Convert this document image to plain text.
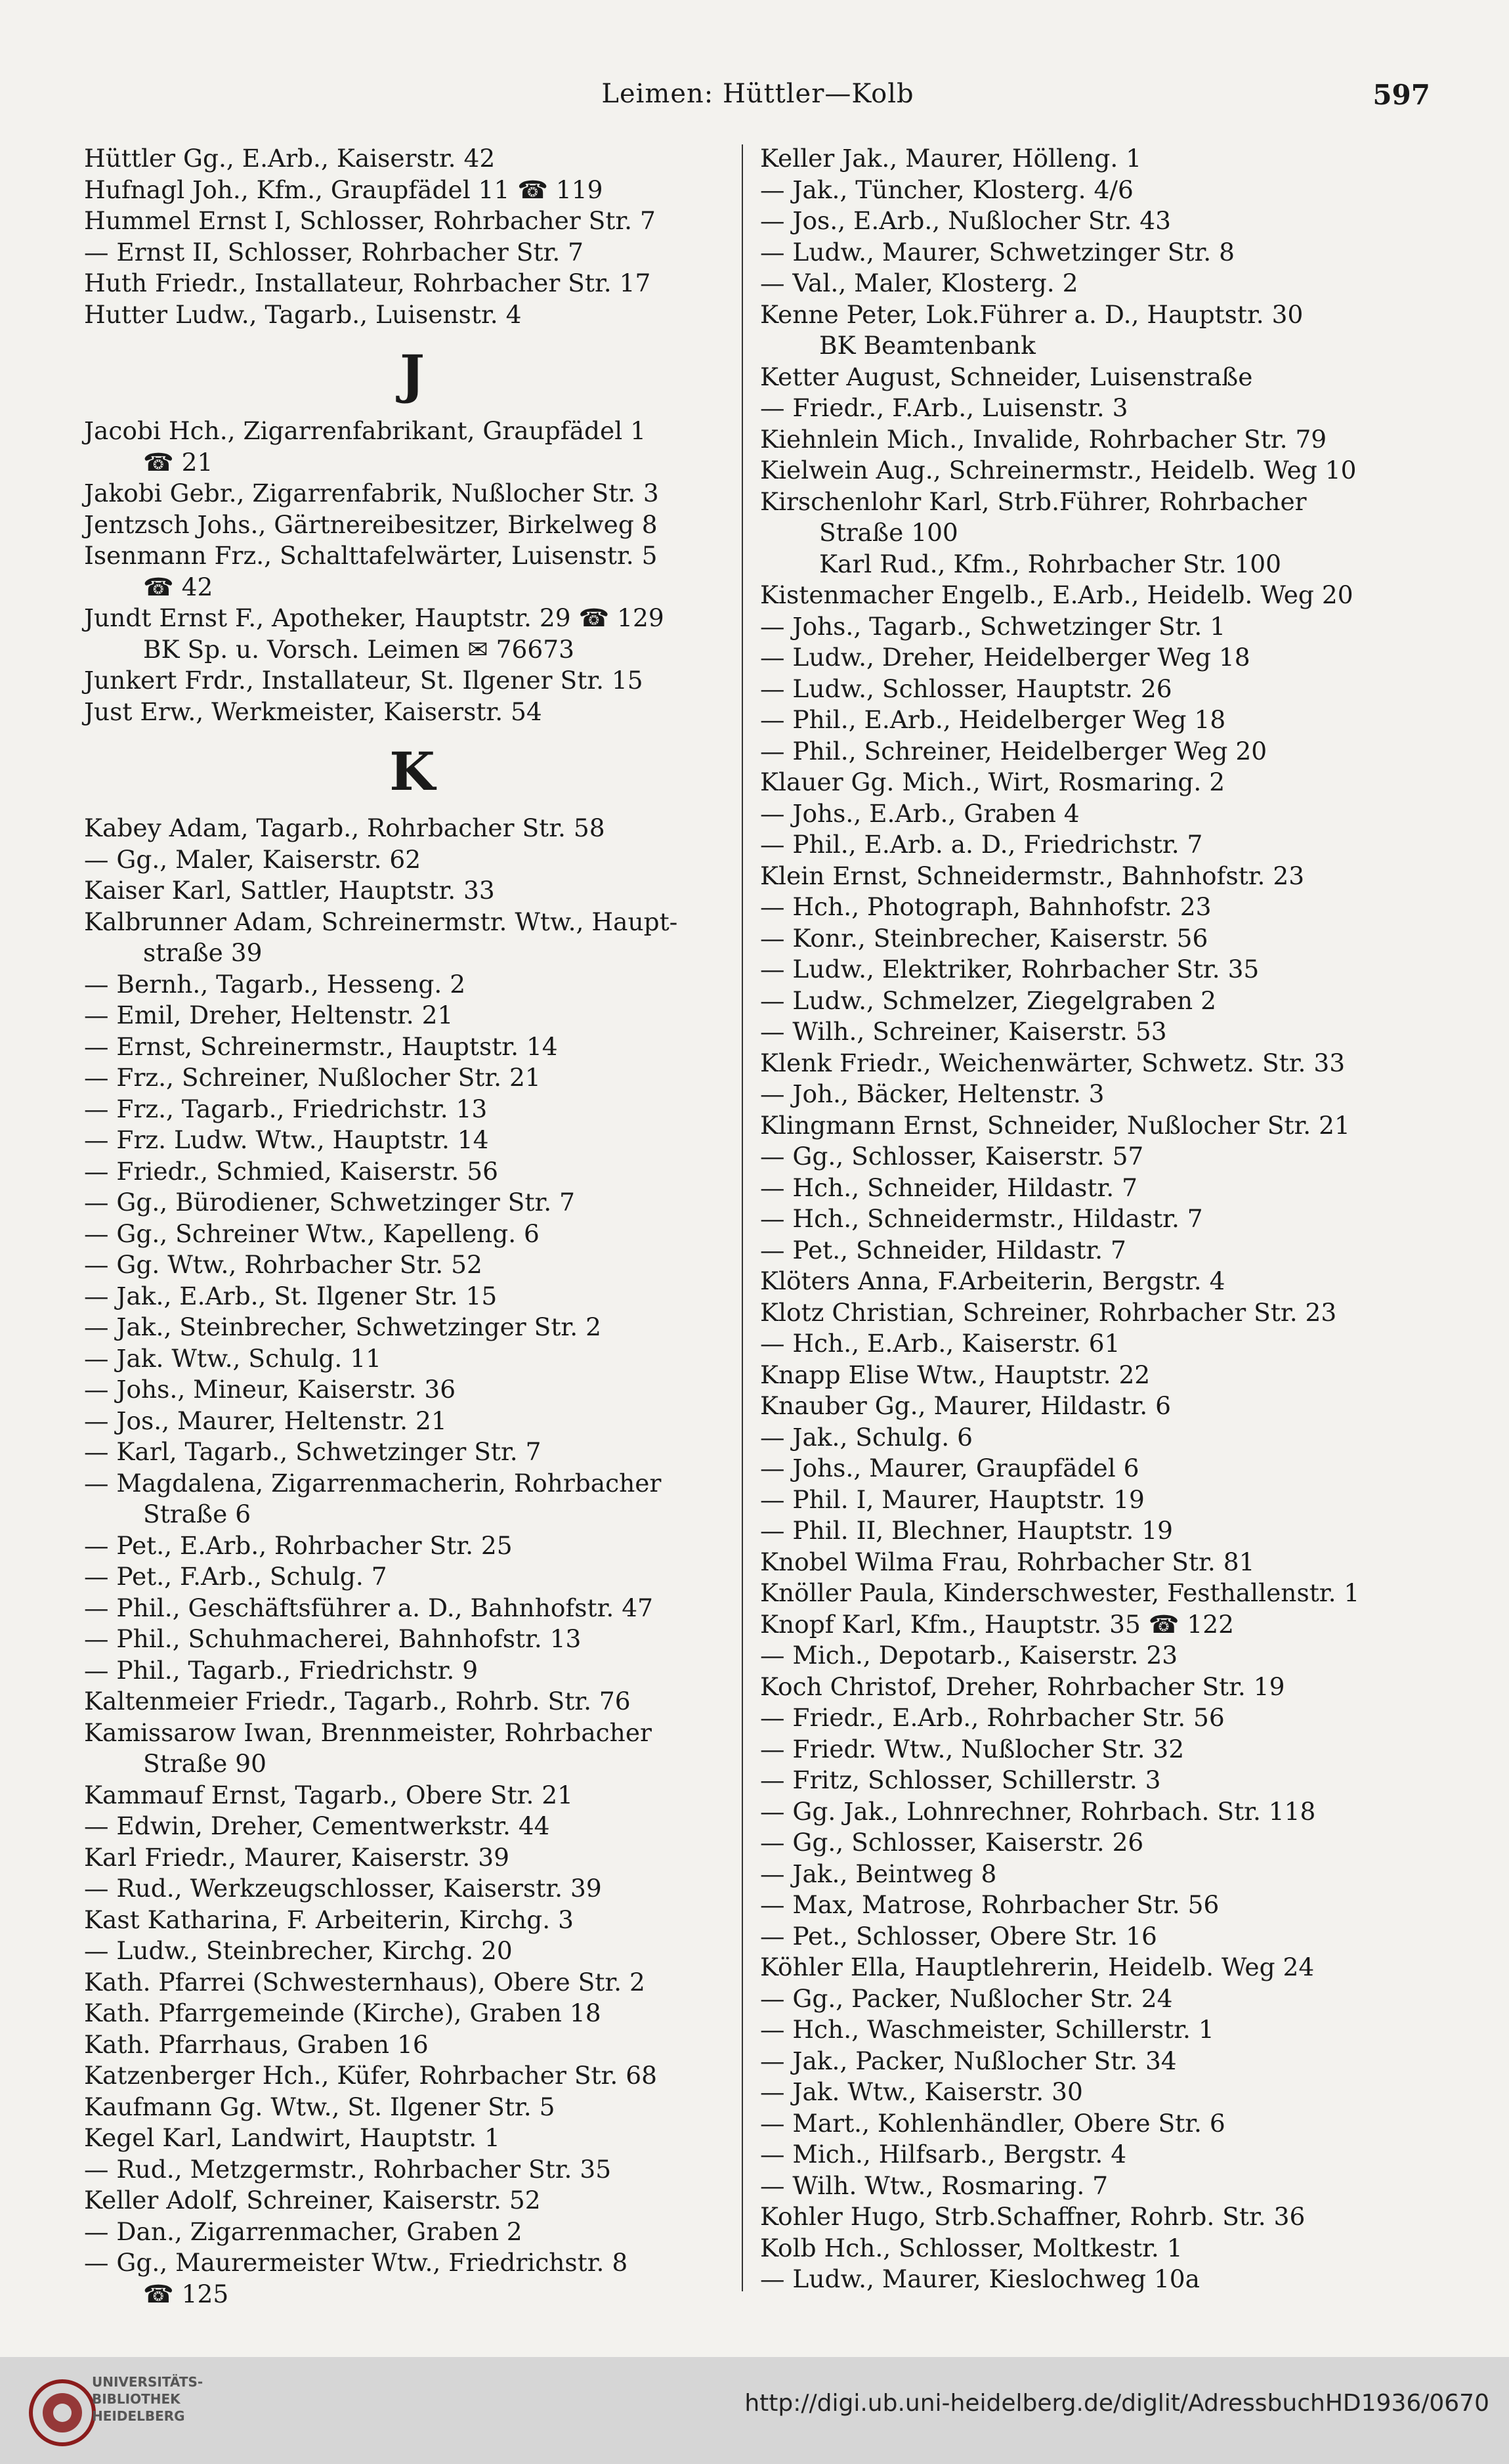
Leimen: Hüttler—Kolb	597
Hüttler Gg., E.Arb., Kaiserstr. 42
Hufnagl Joh., Kfm., Graupfädel 11 ☎ 119
Hummel Ernst I, Schlosser, Rohrbacher Str. 7
— Ernst II, Schlosser, Rohrbacher Str. 7
Huth Friedr., Installateur, Rohrbacher Str. 17
Hutter Ludw., Tagarb., Luisenstr. 4
J
Jacobi Hch., Zigarrenfabrikant, Graupfädel 1
☎ 21
Jakobi Gebr., Zigarrenfabrik, Nußlocher Str. 3
Jentzsch Johs., Gärtnereibesitzer, Birkelweg 8
Isenmann Frz., Schalttafelwärter, Luisenstr. 5
☎ 42
Jundt Ernst F., Apotheker, Hauptstr. 29 ☎ 129
BK Sp. u. Vorsch. Leimen ✉ 76673
Junkert Frdr., Installateur, St. Ilgener Str. 15
Just Erw., Werkmeister, Kaiserstr. 54
K
Kabey Adam, Tagarb., Rohrbacher Str. 58
— Gg., Maler, Kaiserstr. 62
Kaiser Karl, Sattler, Hauptstr. 33
Kalbrunner Adam, Schreinermstr. Wtw., Haupt-
straße 39
— Bernh., Tagarb., Hesseng. 2
— Emil, Dreher, Heltenstr. 21
— Ernst, Schreinermstr., Hauptstr. 14
— Frz., Schreiner, Nußlocher Str. 21
— Frz., Tagarb., Friedrichstr. 13
— Frz. Ludw. Wtw., Hauptstr. 14
— Friedr., Schmied, Kaiserstr. 56
— Gg., Bürodiener, Schwetzinger Str. 7
— Gg., Schreiner Wtw., Kapelleng. 6
— Gg. Wtw., Rohrbacher Str. 52
— Jak., E.Arb., St. Ilgener Str. 15
— Jak., Steinbrecher, Schwetzinger Str. 2
— Jak. Wtw., Schulg. 11
— Johs., Mineur, Kaiserstr. 36
— Jos., Maurer, Heltenstr. 21
— Karl, Tagarb., Schwetzinger Str. 7
— Magdalena, Zigarrenmacherin, Rohrbacher
Straße 6
— Pet., E.Arb., Rohrbacher Str. 25
— Pet., F.Arb., Schulg. 7
— Phil., Geschäftsführer a. D., Bahnhofstr. 47
— Phil., Schuhmacherei, Bahnhofstr. 13
— Phil., Tagarb., Friedrichstr. 9
Kaltenmeier Friedr., Tagarb., Rohrb. Str. 76
Kamissarow Iwan, Brennmeister, Rohrbacher
Straße 90
Kammauf Ernst, Tagarb., Obere Str. 21
— Edwin, Dreher, Cementwerkstr. 44
Karl Friedr., Maurer, Kaiserstr. 39
— Rud., Werkzeugschlosser, Kaiserstr. 39
Kast Katharina, F. Arbeiterin, Kirchg. 3
— Ludw., Steinbrecher, Kirchg. 20
Kath. Pfarrei (Schwesternhaus), Obere Str. 2
Kath. Pfarrgemeinde (Kirche), Graben 18
Kath. Pfarrhaus, Graben 16
Katzenberger Hch., Küfer, Rohrbacher Str. 68
Kaufmann Gg. Wtw., St. Ilgener Str. 5
Kegel Karl, Landwirt, Hauptstr. 1
— Rud., Metzgermstr., Rohrbacher Str. 35
Keller Adolf, Schreiner, Kaiserstr. 52
— Dan., Zigarrenmacher, Graben 2
— Gg., Maurermeister Wtw., Friedrichstr. 8
☎ 125
Keller Jak., Maurer, Hölleng. 1
— Jak., Tüncher, Klosterg. 4/6
— Jos., E.Arb., Nußlocher Str. 43
— Ludw., Maurer, Schwetzinger Str. 8
— Val., Maler, Klosterg. 2
Kenne Peter, Lok.Führer a. D., Hauptstr. 30
BK Beamtenbank
Ketter August, Schneider, Luisenstraße
— Friedr., F.Arb., Luisenstr. 3
Kiehnlein Mich., Invalide, Rohrbacher Str. 79
Kielwein Aug., Schreinermstr., Heidelb. Weg 10
Kirschenlohr Karl, Strb.Führer, Rohrbacher
Straße 100
Karl Rud., Kfm., Rohrbacher Str. 100
Kistenmacher Engelb., E.Arb., Heidelb. Weg 20
— Johs., Tagarb., Schwetzinger Str. 1
— Ludw., Dreher, Heidelberger Weg 18
— Ludw., Schlosser, Hauptstr. 26
— Phil., E.Arb., Heidelberger Weg 18
— Phil., Schreiner, Heidelberger Weg 20
Klauer Gg. Mich., Wirt, Rosmaring. 2
— Johs., E.Arb., Graben 4
— Phil., E.Arb. a. D., Friedrichstr. 7
Klein Ernst, Schneidermstr., Bahnhofstr. 23
— Hch., Photograph, Bahnhofstr. 23
— Konr., Steinbrecher, Kaiserstr. 56
— Ludw., Elektriker, Rohrbacher Str. 35
— Ludw., Schmelzer, Ziegelgraben 2
— Wilh., Schreiner, Kaiserstr. 53
Klenk Friedr., Weichenwärter, Schwetz. Str. 33
— Joh., Bäcker, Heltenstr. 3
Klingmann Ernst, Schneider, Nußlocher Str. 21
— Gg., Schlosser, Kaiserstr. 57
— Hch., Schneider, Hildastr. 7
— Hch., Schneidermstr., Hildastr. 7
— Pet., Schneider, Hildastr. 7
Klöters Anna, F.Arbeiterin, Bergstr. 4
Klotz Christian, Schreiner, Rohrbacher Str. 23
— Hch., E.Arb., Kaiserstr. 61
Knapp Elise Wtw., Hauptstr. 22
Knauber Gg., Maurer, Hildastr. 6
— Jak., Schulg. 6
— Johs., Maurer, Graupfädel 6
— Phil. I, Maurer, Hauptstr. 19
— Phil. II, Blechner, Hauptstr. 19
Knobel Wilma Frau, Rohrbacher Str. 81
Knöller Paula, Kinderschwester, Festhallenstr. 1
Knopf Karl, Kfm., Hauptstr. 35 ☎ 122
— Mich., Depotarb., Kaiserstr. 23
Koch Christof, Dreher, Rohrbacher Str. 19
— Friedr., E.Arb., Rohrbacher Str. 56
— Friedr. Wtw., Nußlocher Str. 32
— Fritz, Schlosser, Schillerstr. 3
— Gg. Jak., Lohnrechner, Rohrbach. Str. 118
— Gg., Schlosser, Kaiserstr. 26
— Jak., Beintweg 8
— Max, Matrose, Rohrbacher Str. 56
— Pet., Schlosser, Obere Str. 16
Köhler Ella, Hauptlehrerin, Heidelb. Weg 24
— Gg., Packer, Nußlocher Str. 24
— Hch., Waschmeister, Schillerstr. 1
— Jak., Packer, Nußlocher Str. 34
— Jak. Wtw., Kaiserstr. 30
— Mart., Kohlenhändler, Obere Str. 6
— Mich., Hilfsarb., Bergstr. 4
— Wilh. Wtw., Rosmaring. 7
Kohler Hugo, Strb.Schaffner, Rohrb. Str. 36
Kolb Hch., Schlosser, Moltkestr. 1
— Ludw., Maurer, Kieslochweg 10a
UNIVERSITÄTS-
BIBLIOTHEK
HEIDELBERG	http://digi.ub.uni-heidelberg.de/diglit/AdressbuchHD1936/0670
